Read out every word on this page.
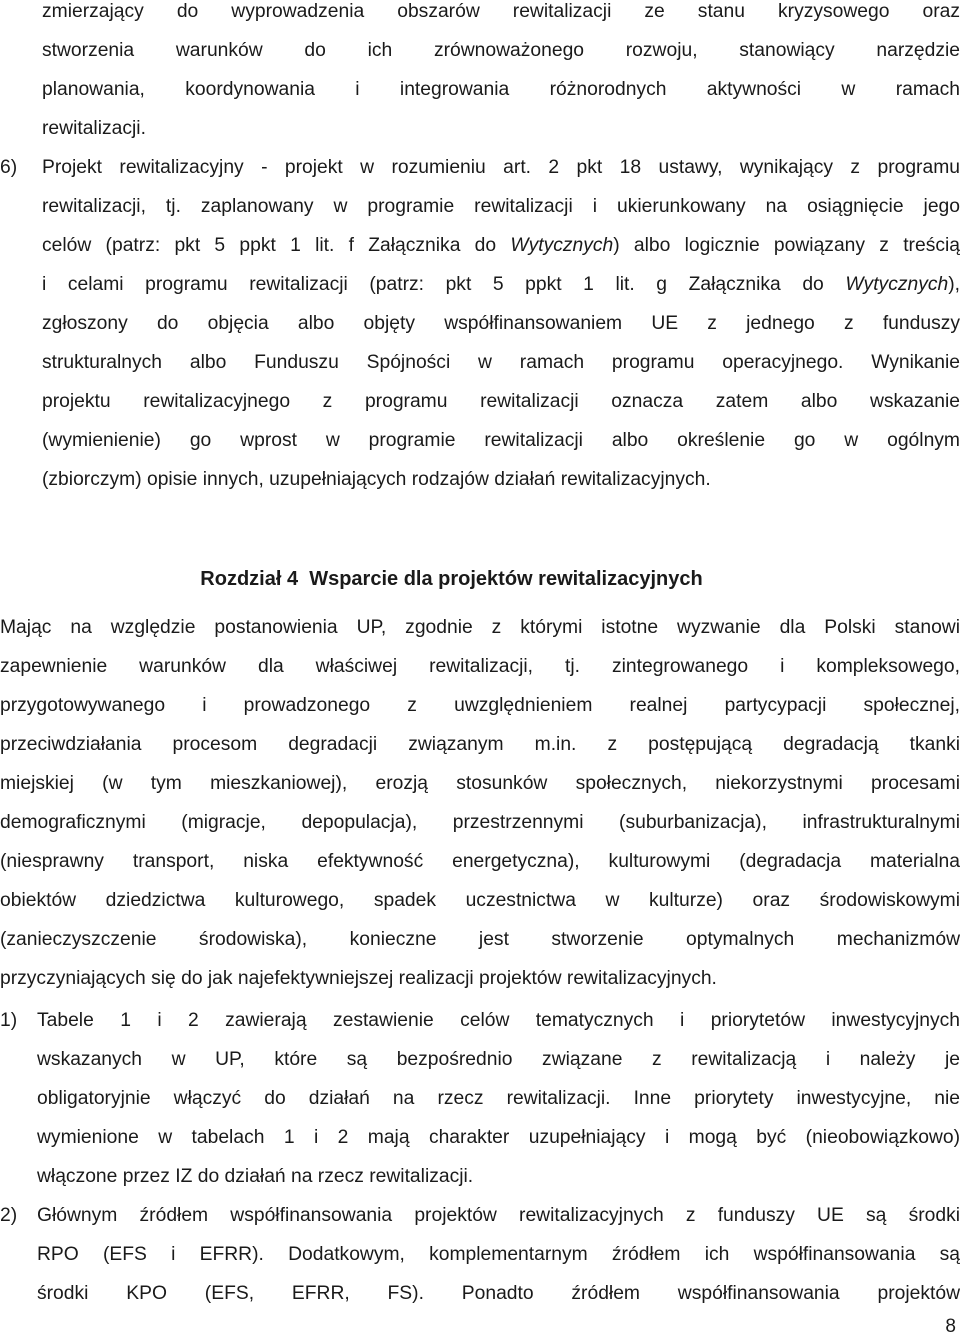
zmierzający do wyprowadzenia obszarów rewitalizacji ze stanu kryzysowego oraz
stworzenia warunków do ich zrównoważonego rozwoju, stanowiący narzędzie
planowania, koordynowania i integrowania różnorodnych aktywności w ramach
rewitalizacji.
6) Projekt rewitalizacyjny - projekt w rozumieniu art. 2 pkt 18 ustawy, wynikający z programu
rewitalizacji, tj. zaplanowany w programie rewitalizacji i ukierunkowany na osiągnięcie jego
celów (patrz: pkt 5 ppkt 1 lit. f Załącznika do Wytycznych) albo logicznie powiązany z treścią
i celami programu rewitalizacji (patrz: pkt 5 ppkt 1 lit. g Załącznika do Wytycznych),
zgłoszony do objęcia albo objęty współfinansowaniem UE z jednego z funduszy
strukturalnych albo Funduszu Spójności w ramach programu operacyjnego. Wynikanie
projektu rewitalizacyjnego z programu rewitalizacji oznacza zatem albo wskazanie
(wymienienie) go wprost w programie rewitalizacji albo określenie go w ogólnym
(zbiorczym) opisie innych, uzupełniających rodzajów działań rewitalizacyjnych.
Rozdział 4 Wsparcie dla projektów rewitalizacyjnych
Mając na względzie postanowienia UP, zgodnie z którymi istotne wyzwanie dla Polski stanowi
zapewnienie warunków dla właściwej rewitalizacji, tj. zintegrowanego i kompleksowego,
przygotowywanego i prowadzonego z uwzględnieniem realnej partycypacji społecznej,
przeciwdziałania procesom degradacji związanym m.in. z postępującą degradacją tkanki
miejskiej (w tym mieszkaniowej), erozją stosunków społecznych, niekorzystnymi procesami
demograficznymi (migracje, depopulacja), przestrzennymi (suburbanizacja), infrastrukturalnymi
(niesprawny transport, niska efektywność energetyczna), kulturowymi (degradacja materialna
obiektów dziedzictwa kulturowego, spadek uczestnictwa w kulturze) oraz środowiskowymi
(zanieczyszczenie środowiska), konieczne jest stworzenie optymalnych mechanizmów
przyczyniających się do jak najefektywniejszej realizacji projektów rewitalizacyjnych.
1) Tabele 1 i 2 zawierają zestawienie celów tematycznych i priorytetów inwestycyjnych
wskazanych w UP, które są bezpośrednio związane z rewitalizacją i należy je
obligatoryjnie włączyć do działań na rzecz rewitalizacji. Inne priorytety inwestycyjne, nie
wymienione w tabelach 1 i 2 mają charakter uzupełniający i mogą być (nieobowiązkowo)
włączone przez IZ do działań na rzecz rewitalizacji.
2) Głównym źródłem współfinansowania projektów rewitalizacyjnych z funduszy UE są środki
RPO (EFS i EFRR). Dodatkowym, komplementarnym źródłem ich współfinansowania są
środki KPO (EFS, EFRR, FS). Ponadto źródłem współfinansowania projektów
8
